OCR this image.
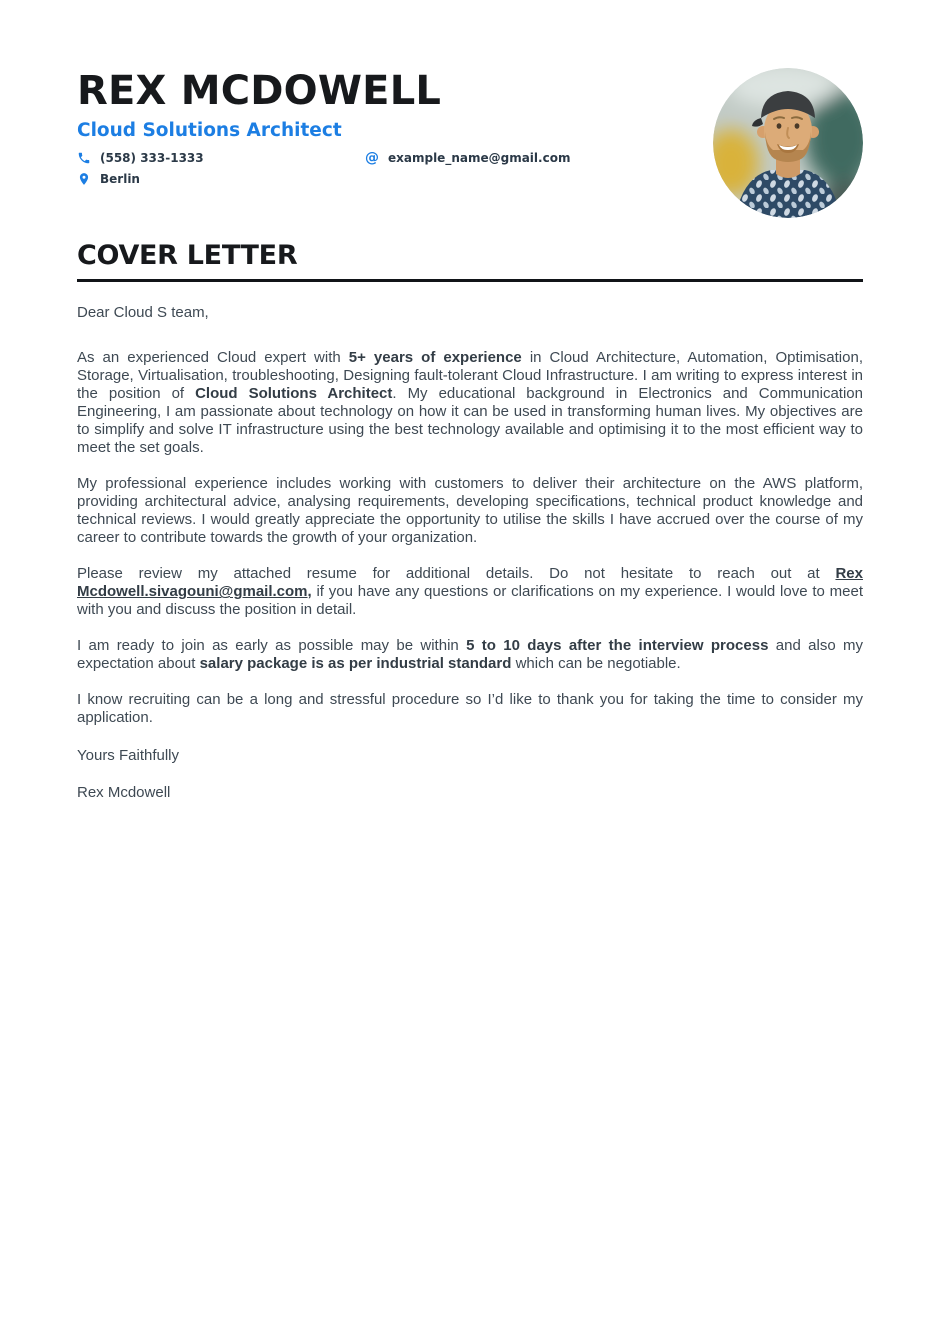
REX MCDOWELL
Cloud Solutions Architect
(558) 333-1333	@ example_name@gmail.com
Berlin
COVER LETTER
Dear Cloud S team,

As an experienced Cloud expert with 5+ years of experience in Cloud Architecture, Automation, Optimisation, Storage, Virtualisation, troubleshooting, Designing fault-tolerant Cloud Infrastructure. I am writing to express interest in the position of Cloud Solutions Architect. My educational background in Electronics and Communication Engineering, I am passionate about technology on how it can be used in transforming human lives. My objectives are to simplify and solve IT infrastructure using the best technology available and optimising it to the most efficient way to meet the set goals.

My professional experience includes working with customers to deliver their architecture on the AWS platform, providing architectural advice, analysing requirements, developing specifications, technical product knowledge and technical reviews. I would greatly appreciate the opportunity to utilise the skills I have accrued over the course of my career to contribute towards the growth of your organization.

Please review my attached resume for additional details. Do not hesitate to reach out at Rex Mcdowell.sivagouni@gmail.com, if you have any questions or clarifications on my experience. I would love to meet with you and discuss the position in detail.

I am ready to join as early as possible may be within 5 to 10 days after the interview process and also my expectation about salary package is as per industrial standard which can be negotiable.

I know recruiting can be a long and stressful procedure so I’d like to thank you for taking the time to consider my application.

Yours Faithfully
Rex Mcdowell
